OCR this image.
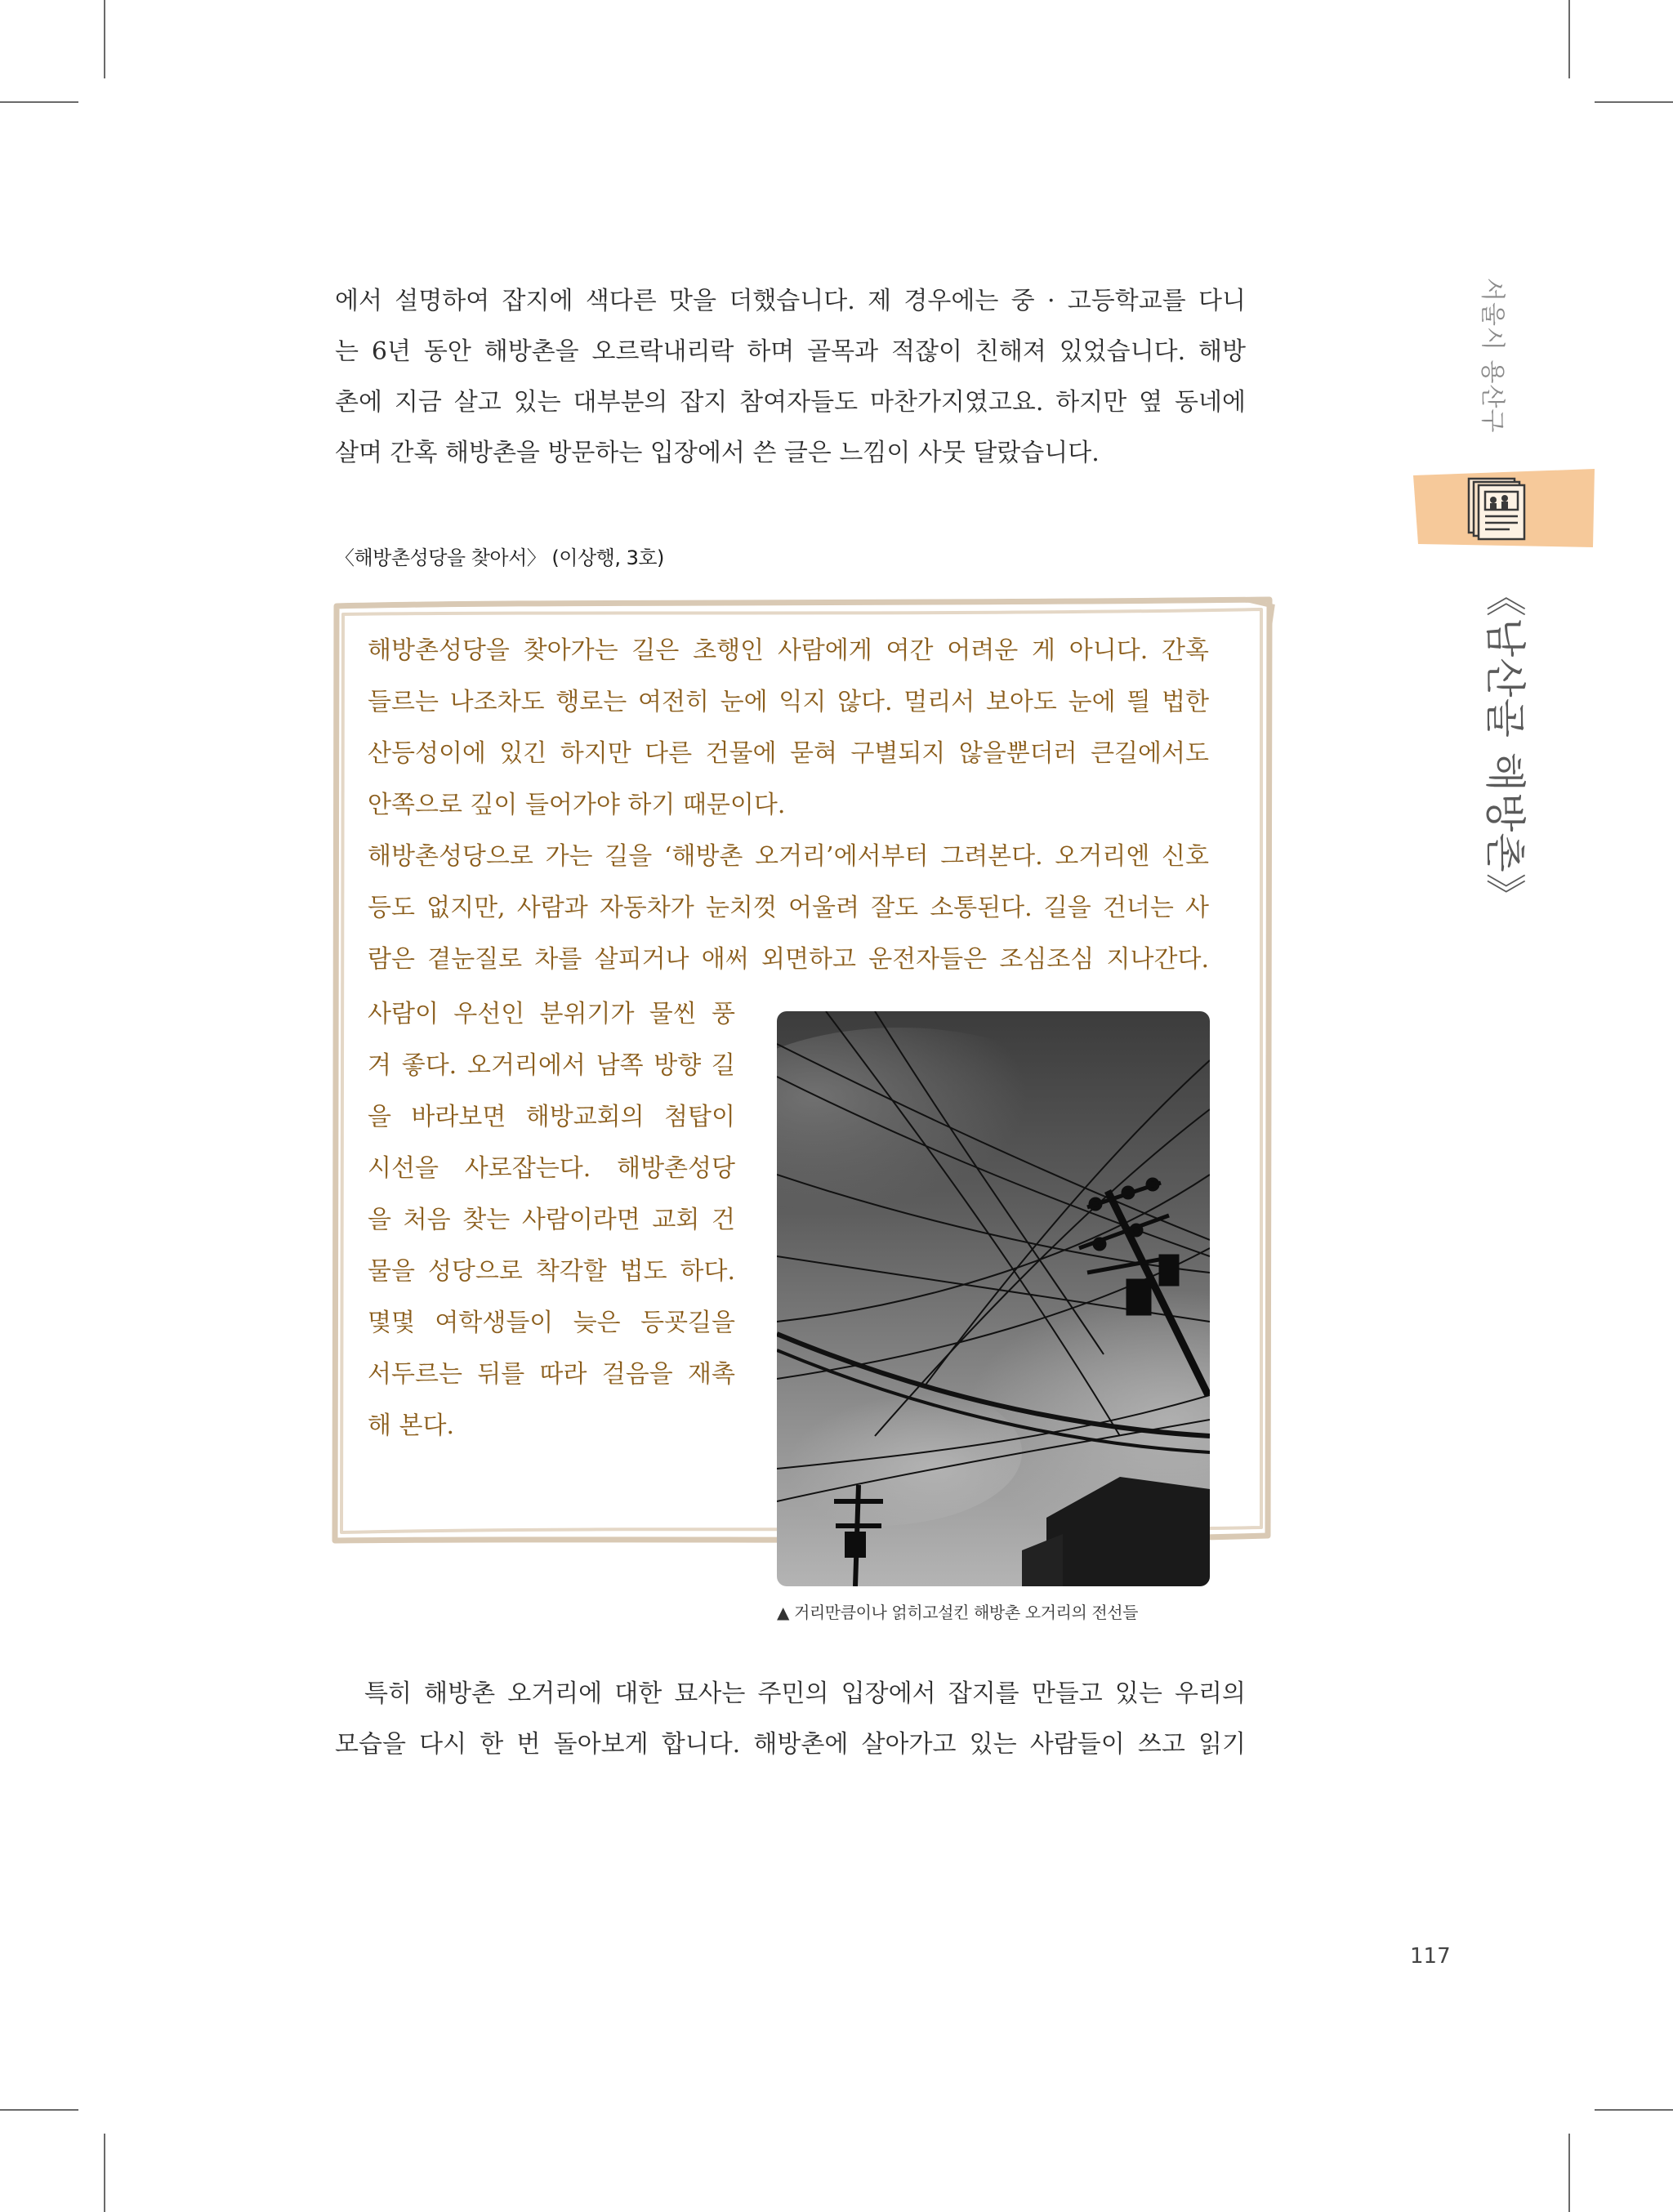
에서 설명하여 잡지에 색다른 맛을 더했습니다. 제 경우에는 중 · 고등학교를 다니
는 6년 동안 해방촌을 오르락내리락 하며 골목과 적잖이 친해져 있었습니다. 해방
촌에 지금 살고 있는 대부분의 잡지 참여자들도 마찬가지였고요. 하지만 옆 동네에
살며 간혹 해방촌을 방문하는 입장에서 쓴 글은 느낌이 사뭇 달랐습니다.
〈해방촌성당을 찾아서〉 (이상행, 3호)
해방촌성당을 찾아가는 길은 초행인 사람에게 여간 어려운 게 아니다. 간혹
들르는 나조차도 행로는 여전히 눈에 익지 않다. 멀리서 보아도 눈에 띌 법한
산등성이에 있긴 하지만 다른 건물에 묻혀 구별되지 않을뿐더러 큰길에서도
안쪽으로 깊이 들어가야 하기 때문이다.
해방촌성당으로 가는 길을 ‘해방촌 오거리’에서부터 그려본다. 오거리엔 신호
등도 없지만, 사람과 자동차가 눈치껏 어울려 잘도 소통된다. 길을 건너는 사
람은 곁눈질로 차를 살피거나 애써 외면하고 운전자들은 조심조심 지나간다.
사람이 우선인 분위기가 물씬 풍
겨 좋다. 오거리에서 남쪽 방향 길
을 바라보면 해방교회의 첨탑이
시선을 사로잡는다. 해방촌성당
을 처음 찾는 사람이라면 교회 건
물을 성당으로 착각할 법도 하다.
몇몇 여학생들이 늦은 등굣길을
서두르는 뒤를 따라 걸음을 재촉
해 본다.
▲ 거리만큼이나 얽히고설킨 해방촌 오거리의 전선들
특히 해방촌 오거리에 대한 묘사는 주민의 입장에서 잡지를 만들고 있는 우리의
모습을 다시 한 번 돌아보게 합니다. 해방촌에 살아가고 있는 사람들이 쓰고 읽기
서울시 용산구
《남산골 해방촌》
117
